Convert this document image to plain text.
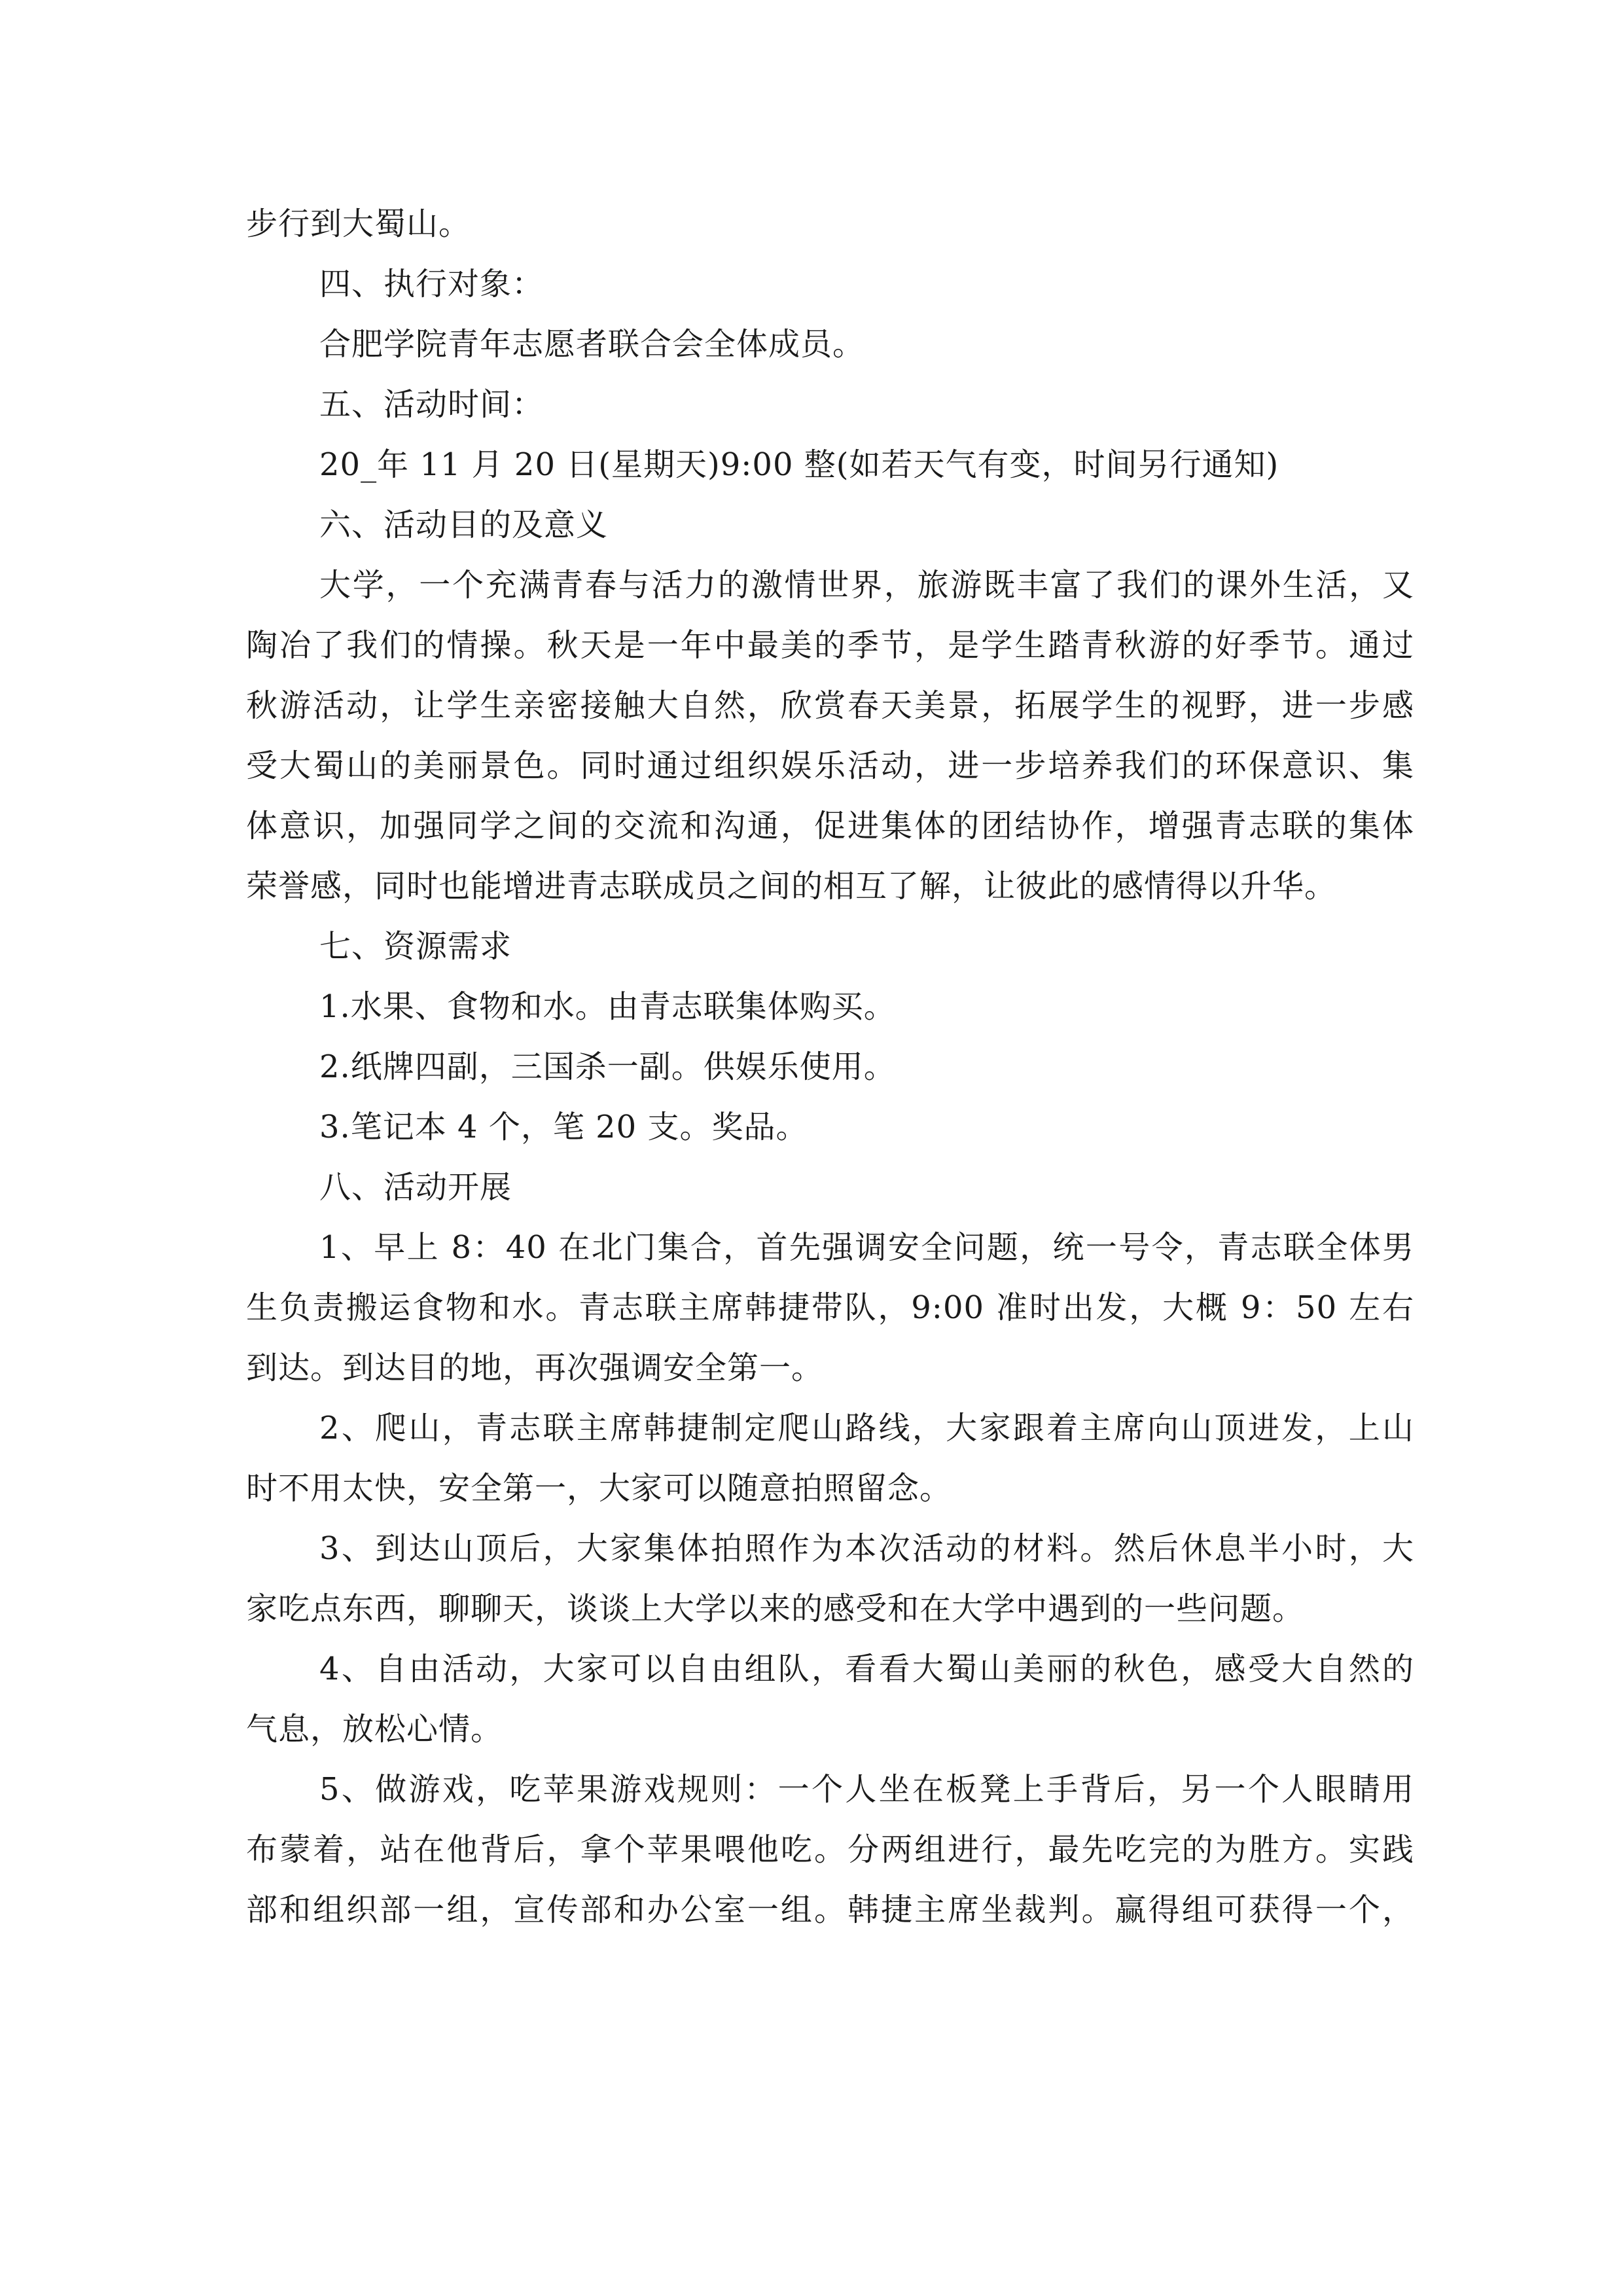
步行到大蜀山。
四、执行对象：
合肥学院青年志愿者联合会全体成员。
五、活动时间：
20_年 11 月 20 日(星期天)9:00 整(如若天气有变，时间另行通知)
六、活动目的及意义
大学，一个充满青春与活力的激情世界，旅游既丰富了我们的课外生活，又
陶冶了我们的情操。秋天是一年中最美的季节，是学生踏青秋游的好季节。通过
秋游活动，让学生亲密接触大自然，欣赏春天美景，拓展学生的视野，进一步感
受大蜀山的美丽景色。同时通过组织娱乐活动，进一步培养我们的环保意识、集
体意识，加强同学之间的交流和沟通，促进集体的团结协作，增强青志联的集体
荣誉感，同时也能增进青志联成员之间的相互了解，让彼此的感情得以升华。
七、资源需求
1.水果、食物和水。由青志联集体购买。
2.纸牌四副，三国杀一副。供娱乐使用。
3.笔记本 4 个，笔 20 支。奖品。
八、活动开展
1、早上 8：40 在北门集合，首先强调安全问题，统一号令，青志联全体男
生负责搬运食物和水。青志联主席韩捷带队，9:00 准时出发，大概 9：50 左右
到达。到达目的地，再次强调安全第一。
2、爬山，青志联主席韩捷制定爬山路线，大家跟着主席向山顶进发，上山
时不用太快，安全第一，大家可以随意拍照留念。
3、到达山顶后，大家集体拍照作为本次活动的材料。然后休息半小时，大
家吃点东西，聊聊天，谈谈上大学以来的感受和在大学中遇到的一些问题。
4、自由活动，大家可以自由组队，看看大蜀山美丽的秋色，感受大自然的
气息，放松心情。
5、做游戏，吃苹果游戏规则：一个人坐在板凳上手背后，另一个人眼睛用
布蒙着，站在他背后，拿个苹果喂他吃。分两组进行，最先吃完的为胜方。实践
部和组织部一组，宣传部和办公室一组。韩捷主席坐裁判。赢得组可获得一个，
